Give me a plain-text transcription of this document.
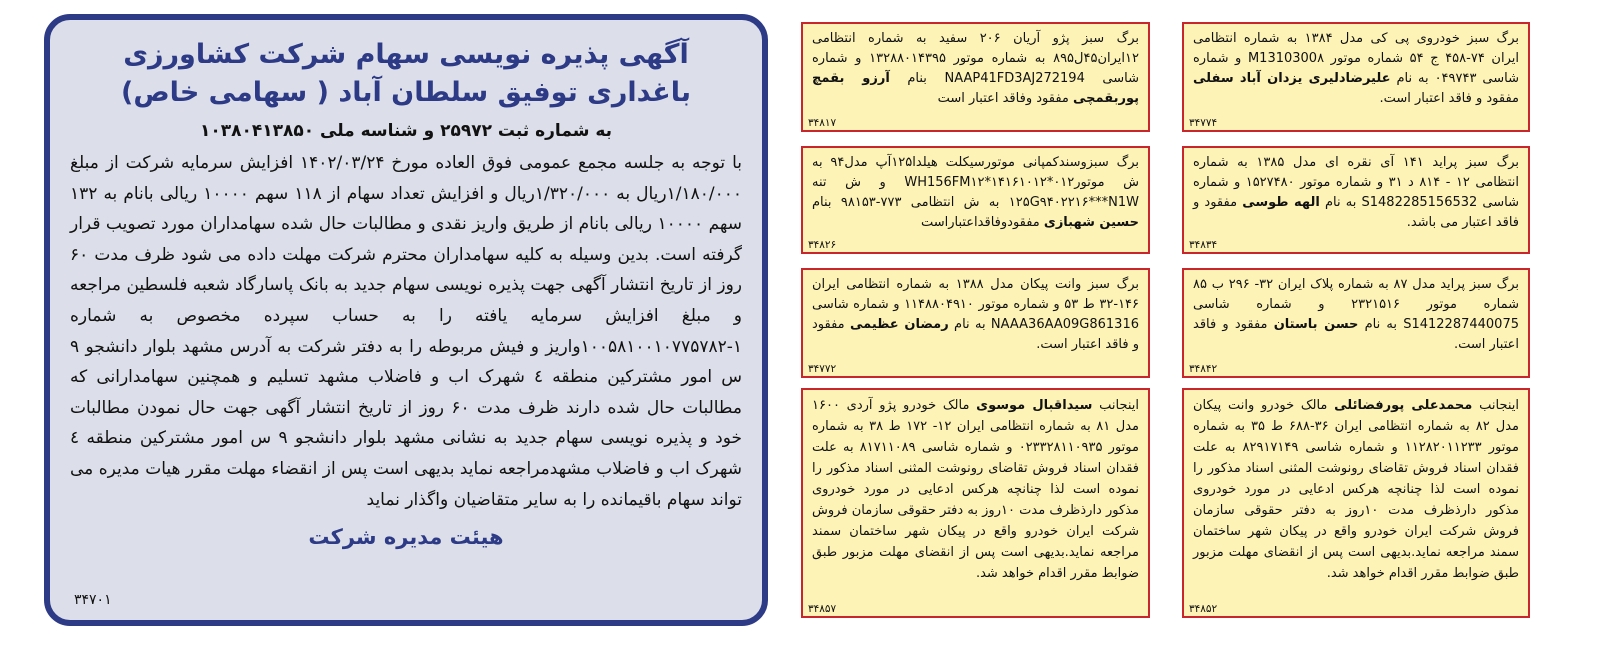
آگهی پذیره نویسی سهام شرکت کشاورزی باغداری توفیق سلطان آباد ( سهامی خاص)
به شماره ثبت ۲۵۹۷۲ و شناسه ملی ۱۰۳۸۰۴۱۳۸۵۰
با توجه به جلسه مجمع عمومی فوق العاده مورخ ۱۴۰۲/۰۳/۲۴ افزایش سرمایه شرکت از مبلغ ۱/۱۸۰/۰۰۰ریال به ۱/۳۲۰/۰۰۰ریال و افزایش تعداد سهام از ۱۱۸ سهم ۱۰۰۰۰ ریالی بانام به ۱۳۲ سهم ۱۰۰۰۰ ریالی بانام از طریق واریز نقدی و مطالبات حال شده سهامداران مورد تصویب قرار گرفته است. بدین وسیله به کلیه سهامداران محترم شرکت مهلت داده می شود ظرف مدت ۶۰ روز از تاریخ انتشار آگهی جهت پذیره نویسی سهام جدید به بانک پاسارگاد شعبه فلسطین مراجعه و مبلغ افزایش سرمایه یافته را به حساب سپرده مخصوص به شماره ۱-۱۰۰۵۸۱۰۰۱۰۷۷۵۷۸۲واریز و فیش مربوطه را به دفتر شرکت به آدرس مشهد بلوار دانشجو ۹ س امور مشترکین منطقه ٤ شهرک اب و فاضلاب مشهد تسلیم و همچنین سهامدارانی که مطالبات حال شده دارند ظرف مدت ۶۰ روز از تاریخ انتشار آگهی جهت حال نمودن مطالبات خود و پذیره نویسی سهام جدید به نشانی مشهد بلوار دانشجو ۹ س امور مشترکین منطقه ٤ شهرک اب و فاضلاب مشهدمراجعه نماید بدیهی است پس از انقضاء مهلت مقرر هیات مدیره می تواند سهام باقیمانده را به سایر متقاضیان واگذار نماید
هیئت مدیره شرکت
۳۴۷۰۱
برگ سبز پژو آریان ۲۰۶ سفید به شماره انتظامی ۱۲ایران۴۵ل۸۹۵ به شماره موتور ۱۳۲۸۸۰۱۴۳۹۵ و شماره شاسی NAAP41FD3AJ272194 بنام آرزو بقمچ پوربقمچی مفقود وفاقد اعتبار است
۳۴۸۱۷
برگ سبزوسندکمپانی موتورسیکلت هیلدا۱۲۵آپ مدل۹۴ به ش موتور۰۱۲*۱۴۱۶۱۰۱۲*WH156FM۱۲ و ش تنه ۱۲۵G۹۴۰۲۲۱۶***N1W به ش انتظامی ۷۷۳-۹۸۱۵۳ بنام حسین شهبازی مفقودوفاقداعتباراست
۳۴۸۲۶
برگ سبز وانت پیکان مدل ۱۳۸۸ به شماره انتظامی ایران ۱۴۶-۳۲ ط ۵۳ و شماره موتور ۱۱۴۸۸۰۴۹۱۰ و شماره شاسی NAAA36AA09G861316 به نام رمضان عظیمی مفقود و فاقد اعتبار است.
۳۴۷۷۲
اینجانب سیداقبال موسوی مالک خودرو پژو آردی ۱۶۰۰ مدل ۸۱ به شماره انتظامی ایران ۱۲- ۱۷۲ ط ۳۸ به شماره موتور ۰۲۳۳۲۸۱۱۰۹۳۵ و شماره شاسی ۸۱۷۱۱۰۸۹ به علت فقدان اسناد فروش تقاضای رونوشت المثنی اسناد مذکور را نموده است لذا چنانچه هرکس ادعایی در مورد خودروی مذکور دارذظرف مدت ۱۰روز به دفتر حقوقی سازمان فروش شرکت ایران خودرو واقع در پیکان شهر ساختمان سمند مراجعه نماید.بدیهی است پس از انقضای مهلت مزبور طبق ضوابط مقرر اقدام خواهد شد.
۳۴۸۵۷
برگ سبز خودروی پی کی مدل ۱۳۸۴ به شماره انتظامی ایران ۷۴-۴۵۸ ج ۵۴ شماره موتور M1310300۸ و شماره شاسی ۰۴۹۷۴۳ به نام علیرضادلیری یزدان آباد سفلی مفقود و فاقد اعتبار است.
۳۴۷۷۴
برگ سبز پراید ۱۴۱ آی نقره ای مدل ۱۳۸۵ به شماره انتظامی ۱۲ - ۸۱۴ د ۳۱ و شماره موتور ۱۵۲۷۴۸۰ و شماره شاسی S1482285156532 به نام الهه طوسی مفقود و فاقد اعتبار می باشد.
۳۴۸۳۴
برگ سبز پراید مدل ۸۷ به شماره پلاک ایران ۳۲- ۲۹۶ ب ۸۵ شماره موتور ۲۳۲۱۵۱۶ و شماره شاسی S1412287440075 به نام حسن باستان مفقود و فاقد اعتبار است.
۳۴۸۴۲
اینجانب محمدعلی پورفضائلی مالک خودرو وانت پیکان مدل ۸۲ به شماره انتظامی ایران ۳۶-۶۸۸ ط ۳۵ به شماره موتور ۱۱۲۸۲۰۱۱۲۳۳ و شماره شاسی ۸۲۹۱۷۱۴۹ به علت فقدان اسناد فروش تقاضای رونوشت المثنی اسناد مذکور را نموده است لذا چنانچه هرکس ادعایی در مورد خودروی مذکور دارذظرف مدت ۱۰روز به دفتر حقوقی سازمان فروش شرکت ایران خودرو واقع در پیکان شهر ساختمان سمند مراجعه نماید.بدیهی است پس از انقضای مهلت مزبور طبق ضوابط مقرر اقدام خواهد شد.
۳۴۸۵۲
